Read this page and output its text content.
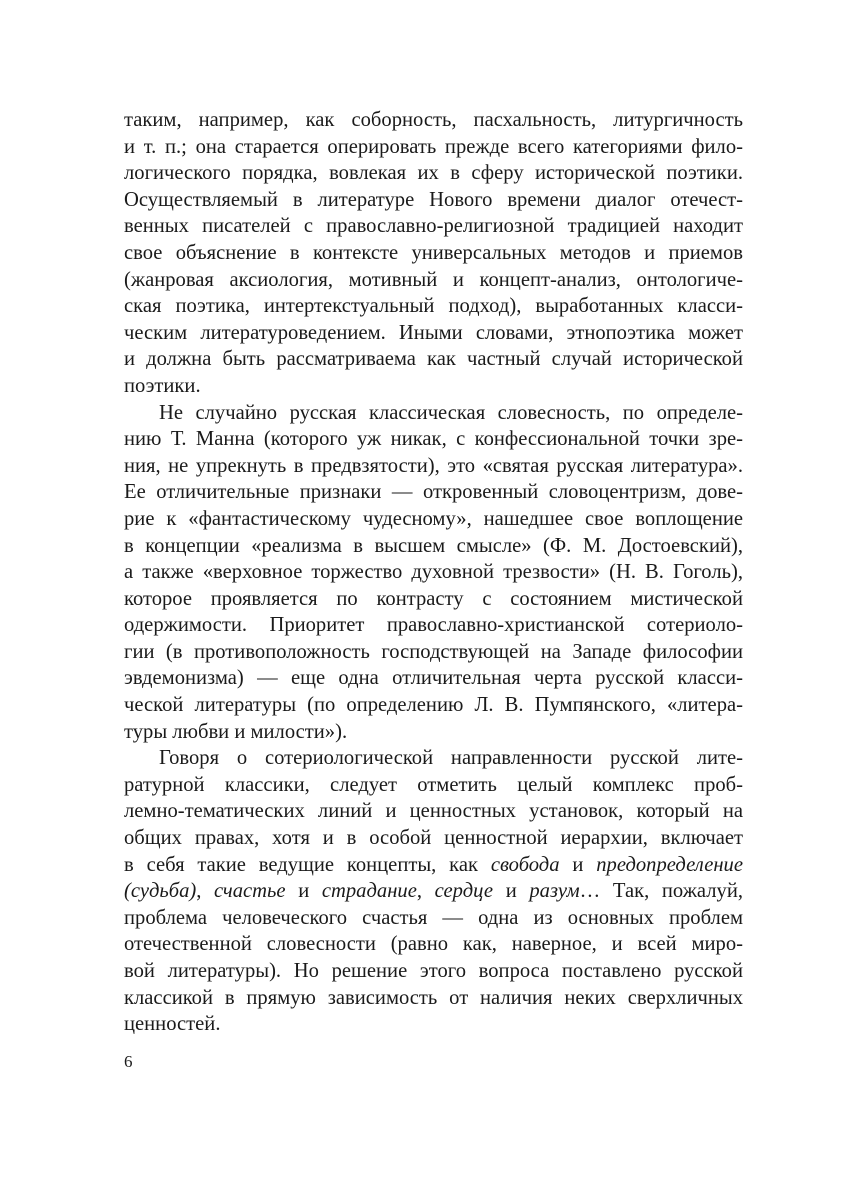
таким, например, как соборность, пасхальность, литургичность
и т. п.; она старается оперировать прежде всего категориями фило-
логического порядка, вовлекая их в сферу исторической поэтики.
Осуществляемый в литературе Нового времени диалог отечест-
венных писателей с православно-религиозной традицией находит
свое объяснение в контексте универсальных методов и приемов
(жанровая аксиология, мотивный и концепт-анализ, онтологиче-
ская поэтика, интертекстуальный подход), выработанных класси-
ческим литературоведением. Иными словами, этнопоэтика может
и должна быть рассматриваема как частный случай исторической
поэтики.
Не случайно русская классическая словесность, по определе-
нию Т. Манна (которого уж никак, с конфессиональной точки зре-
ния, не упрекнуть в предвзятости), это «святая русская литература».
Ее отличительные признаки — откровенный словоцентризм, дове-
рие к «фантастическому чудесному», нашедшее свое воплощение
в концепции «реализма в высшем смысле» (Ф. М. Достоевский),
а также «верховное торжество духовной трезвости» (Н. В. Гоголь),
которое проявляется по контрасту с состоянием мистической
одержимости. Приоритет православно-христианской сотериоло-
гии (в противоположность господствующей на Западе философии
эвдемонизма) — еще одна отличительная черта русской класси-
ческой литературы (по определению Л. В. Пумпянского, «литера-
туры любви и милости»).
Говоря о сотериологической направленности русской лите-
ратурной классики, следует отметить целый комплекс проб-
лемно-тематических линий и ценностных установок, который на
общих правах, хотя и в особой ценностной иерархии, включает
в себя такие ведущие концепты, как свобода и предопределение
(судьба), счастье и страдание, сердце и разум… Так, пожалуй,
проблема человеческого счастья — одна из основных проблем
отечественной словесности (равно как, наверное, и всей миро-
вой литературы). Но решение этого вопроса поставлено русской
классикой в прямую зависимость от наличия неких сверхличных
ценностей.
6
